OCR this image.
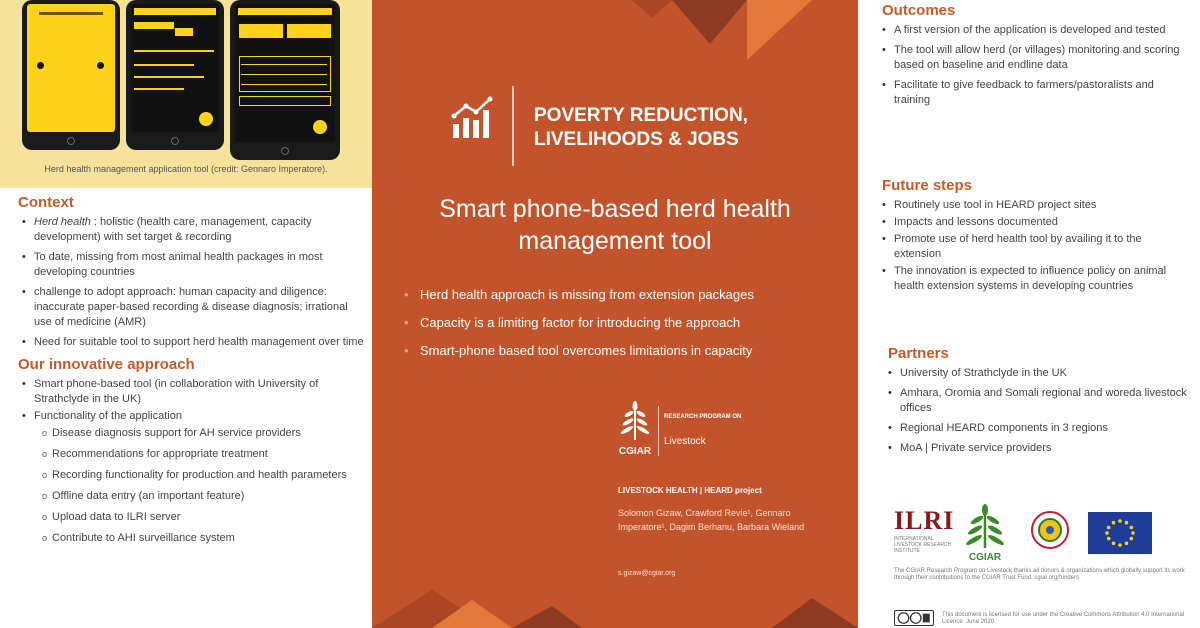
Herd health management application tool (credit: Gennaro Imperatore).
Context
• Herd health : holistic (health care, management, capacity development) with set target & recording
• To date, missing from most animal health packages in most developing countries
• challenge to adopt approach: human capacity and diligence: inaccurate paper-based recording & disease diagnosis; irrational use of medicine (AMR)
• Need for suitable tool to support herd health management over time
Our innovative approach
• Smart phone-based tool (in collaboration with University of Strathclyde in the UK)
• Functionality of the application
o Disease diagnosis support for AH service providers
o Recommendations for appropriate treatment
o Recording functionality for production and health parameters
o Offline data entry (an important feature)
o Upload data to ILRI server
o Contribute to AHI surveillance system
POVERTY REDUCTION, LIVELIHOODS & JOBS
Smart phone-based herd health management tool
• Herd health approach is missing from extension packages
• Capacity is a limiting factor for introducing the approach
• Smart-phone based tool overcomes limitations in capacity
CGIAR
RESEARCH PROGRAM ON
Livestock
LIVESTOCK HEALTH | HEARD project
Solomon Gizaw, Crawford Revie¹, Gennaro Imperatore¹, Dagim Berhanu, Barbara Wieland
s.gizaw@cgiar.org
Outcomes
• A first version of the application is developed and tested
• The tool will allow herd (or villages) monitoring and scoring based on baseline and endline data
• Facilitate to give feedback to farmers/pastoralists and training
Future steps
• Routinely use tool in HEARD project sites
• Impacts and lessons documented
• Promote use of herd health tool by availing it to the extension
• The innovation is expected to influence policy on animal health extension systems in developing countries
Partners
• University of Strathclyde in the UK
• Amhara, Oromia and Somali regional and woreda livestock offices
• Regional HEARD components in 3 regions
• MoA | Private service providers
ILRI
INTERNATIONAL LIVESTOCK RESEARCH INSTITUTE
CGIAR
The CGIAR Research Program on Livestock thanks all donors & organizations which globally support its work through their contributions to the CGIAR Trust Fund. cgiar.org/funders
This document is licensed for use under the Creative Commons Attribution 4.0 International Licence. June 2020
